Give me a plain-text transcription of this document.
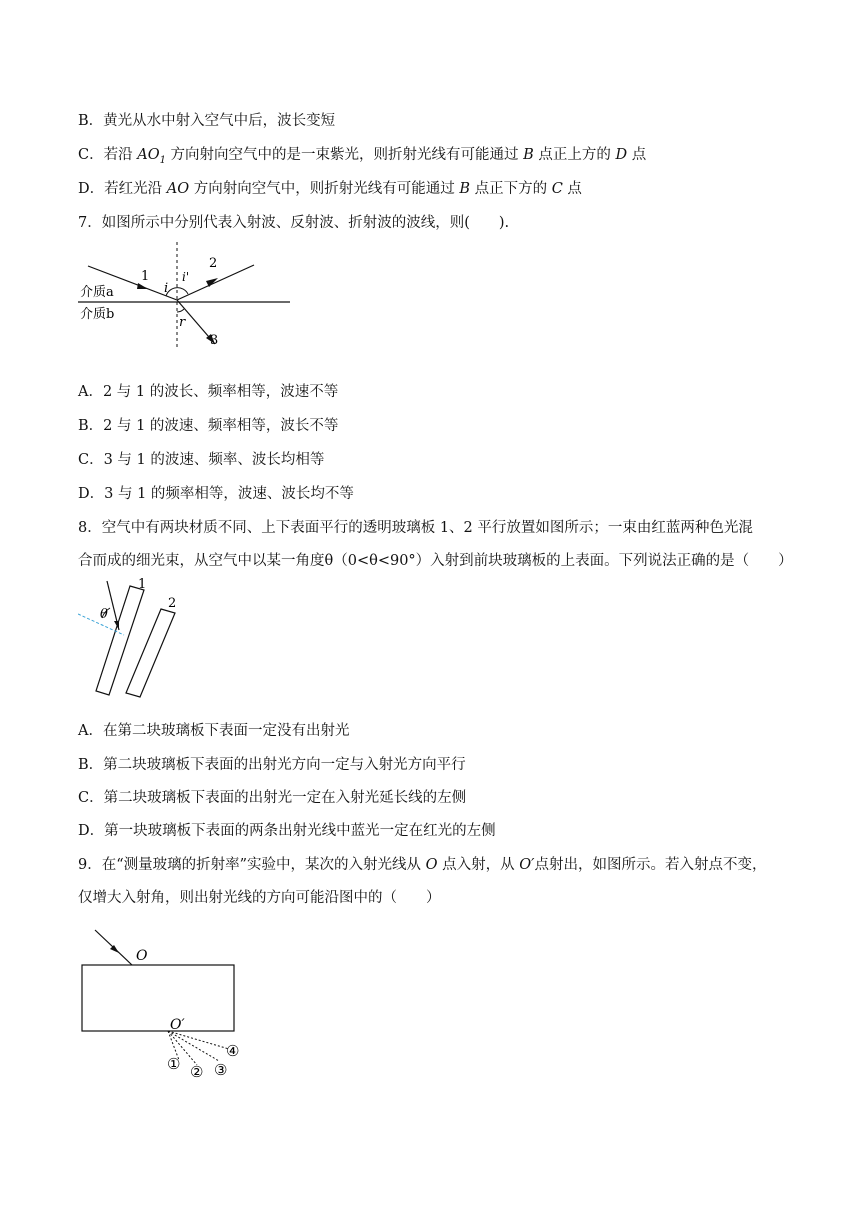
B．黄光从水中射入空气中后，波长变短
C．若沿 $AO_1$ 方向射向空气中的是一束紫光，则折射光线有可能通过 B 点正上方的 D 点
D．若红光沿 AO 方向射向空气中，则折射光线有可能通过 B 点正下方的 C 点
7．如图所示中分别代表入射波、反射波、折射波的波线，则(　　).
1
2
3
i
i'
r
介质a
介质b
A．2 与 1 的波长、频率相等，波速不等
B．2 与 1 的波速、频率相等，波长不等
C．3 与 1 的波速、频率、波长均相等
D．3 与 1 的频率相等，波速、波长均不等
8．空气中有两块材质不同、上下表面平行的透明玻璃板 1、2 平行放置如图所示；一束由红蓝两种色光混
合而成的细光束，从空气中以某一角度θ（0<θ<90°）入射到前块玻璃板的上表面。下列说法正确的是（　　）
θ
1
2
A．在第二块玻璃板下表面一定没有出射光
B．第二块玻璃板下表面的出射光方向一定与入射光方向平行
C．第二块玻璃板下表面的出射光一定在入射光延长线的左侧
D．第一块玻璃板下表面的两条出射光线中蓝光一定在红光的左侧
9．在“测量玻璃的折射率”实验中，某次的入射光线从 O 点入射，从 O′点射出，如图所示。若入射点不变，
仅增大入射角，则出射光线的方向可能沿图中的（　　）
O
O′
① ② ③
④
